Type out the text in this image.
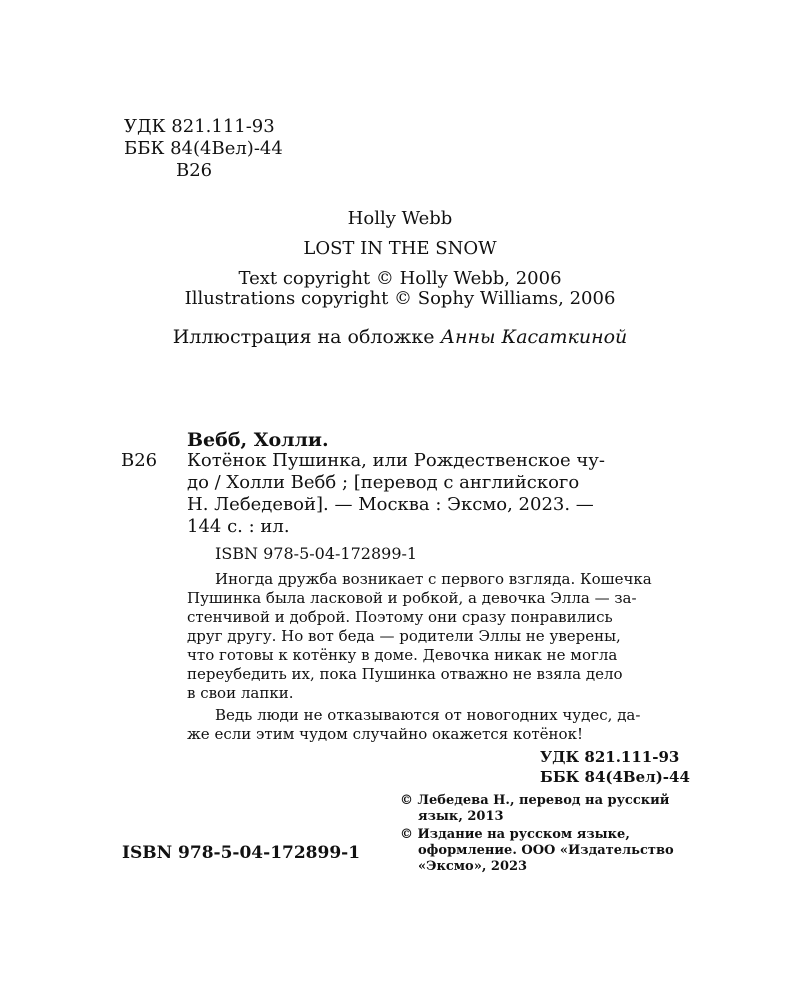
УДК 821.111-93
ББК 84(4Вел)-44
В26
Holly Webb
LOST IN THE SNOW
Text copyright © Holly Webb, 2006
Illustrations copyright © Sophy Williams, 2006
Иллюстрация на обложке Анны Касаткиной
Вебб, Холли.
В26 Котёнок Пушинка, или Рождественское чу-
до / Холли Вебб ; [перевод с английского
Н. Лебедевой]. — Москва : Эксмо, 2023. —
144 с. : ил.
ISBN 978-5-04-172899-1
Иногда дружба возникает с первого взгляда. Кошечка
Пушинка была ласковой и робкой, а девочка Элла — за-
стенчивой и доброй. Поэтому они сразу понравились
друг другу. Но вот беда — родители Эллы не уверены,
что готовы к котёнку в доме. Девочка никак не могла
переубедить их, пока Пушинка отважно не взяла дело
в свои лапки.
Ведь люди не отказываются от новогодних чудес, да-
же если этим чудом случайно окажется котёнок!
УДК 821.111-93
ББК 84(4Вел)-44
ISBN 978-5-04-172899-1
© Лебедева Н., перевод на русский
язык, 2013
© Издание на русском языке,
оформление. ООО «Издательство
«Эксмо», 2023
